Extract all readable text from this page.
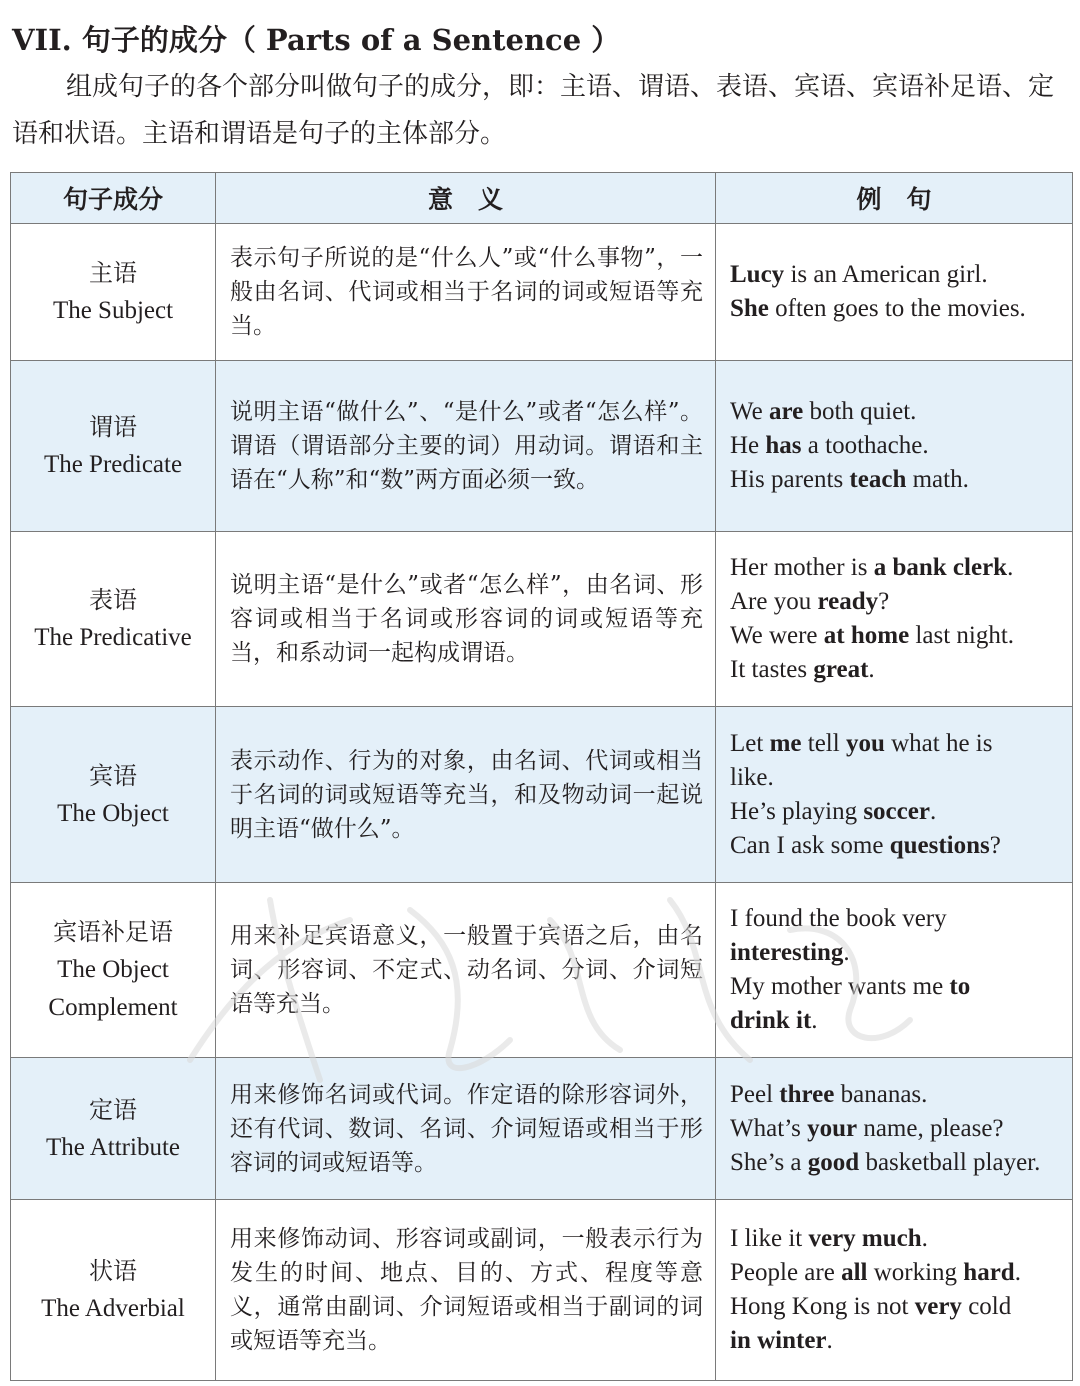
VII. 句子的成分（ Parts of a Sentence ）
组成句子的各个部分叫做句子的成分，即：主语、谓语、表语、宾语、宾语补足语、定语和状语。主语和谓语是句子的主体部分。
句子成分	意　义	例　句

主语
The Subject	表示句子所说的是“什么人”或“什么事物”，一般由名词、代词或相当于名词的词或短语等充当。	Lucy is an American girl.
She often goes to the movies.

谓语
The Predicate	说明主语“做什么”、“是什么”或者“怎么样”。谓语（谓语部分主要的词）用动词。谓语和主语在“人称”和“数”两方面必须一致。	We are both quiet.
He has a toothache.
His parents teach math.

表语
The Predicative	说明主语“是什么”或者“怎么样”，由名词、形容词或相当于名词或形容词的词或短语等充当，和系动词一起构成谓语。	Her mother is a bank clerk.
Are you ready?
We were at home last night.
It tastes great.

宾语
The Object	表示动作、行为的对象，由名词、代词或相当于名词的词或短语等充当，和及物动词一起说明主语“做什么”。	Let me tell you what he is
like.
He’s playing soccer.
Can I ask some questions?

宾语补足语
The Object Complement	用来补足宾语意义，一般置于宾语之后，由名词、形容词、不定式、动名词、分词、介词短语等充当。	I found the book very
interesting.
My mother wants me to
drink it.

定语
The Attribute	用来修饰名词或代词。作定语的除形容词外，还有代词、数词、名词、介词短语或相当于形容词的词或短语等。	Peel three bananas.
What’s your name, please?
She’s a good basketball player.

状语
The Adverbial	用来修饰动词、形容词或副词，一般表示行为发生的时间、地点、目的、方式、程度等意义，通常由副词、介词短语或相当于副词的词或短语等充当。	I like it very much.
People are all working hard.
Hong Kong is not very cold
in winter.
